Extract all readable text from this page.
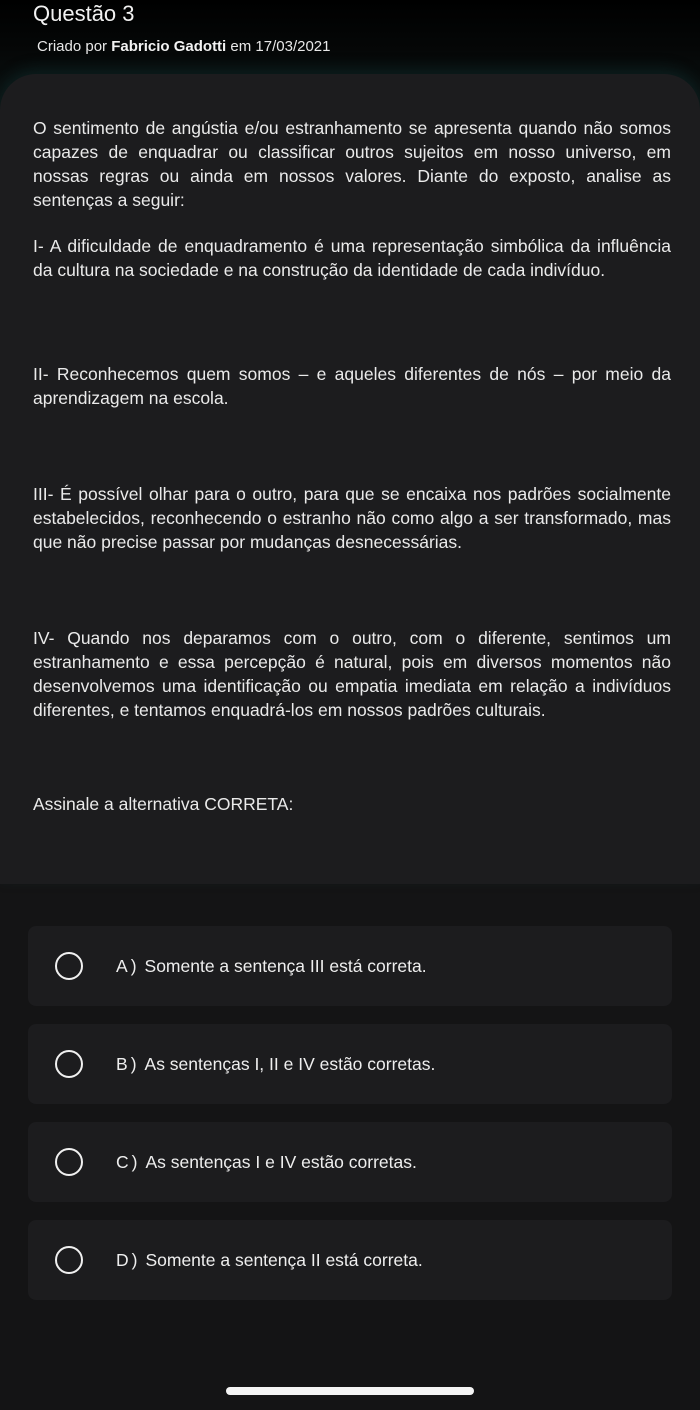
Questão 3
Criado por Fabricio Gadotti em 17/03/2021

O sentimento de angústia e/ou estranhamento se apresenta quando não somos capazes de enquadrar ou classificar outros sujeitos em nosso universo, em nossas regras ou ainda em nossos valores. Diante do exposto, analise as sentenças a seguir:

I- A dificuldade de enquadramento é uma representação simbólica da influência da cultura na sociedade e na construção da identidade de cada indivíduo.

II- Reconhecemos quem somos – e aqueles diferentes de nós – por meio da aprendizagem na escola.

III- É possível olhar para o outro, para que se encaixa nos padrões socialmente estabelecidos, reconhecendo o estranho não como algo a ser transformado, mas que não precise passar por mudanças desnecessárias.

IV- Quando nos deparamos com o outro, com o diferente, sentimos um estranhamento e essa percepção é natural, pois em diversos momentos não desenvolvemos uma identificação ou empatia imediata em relação a indivíduos diferentes, e tentamos enquadrá-los em nossos padrões culturais.

Assinale a alternativa CORRETA:

A ) Somente a sentença III está correta.
B ) As sentenças I, II e IV estão corretas.
C ) As sentenças I e IV estão corretas.
D ) Somente a sentença II está correta.
